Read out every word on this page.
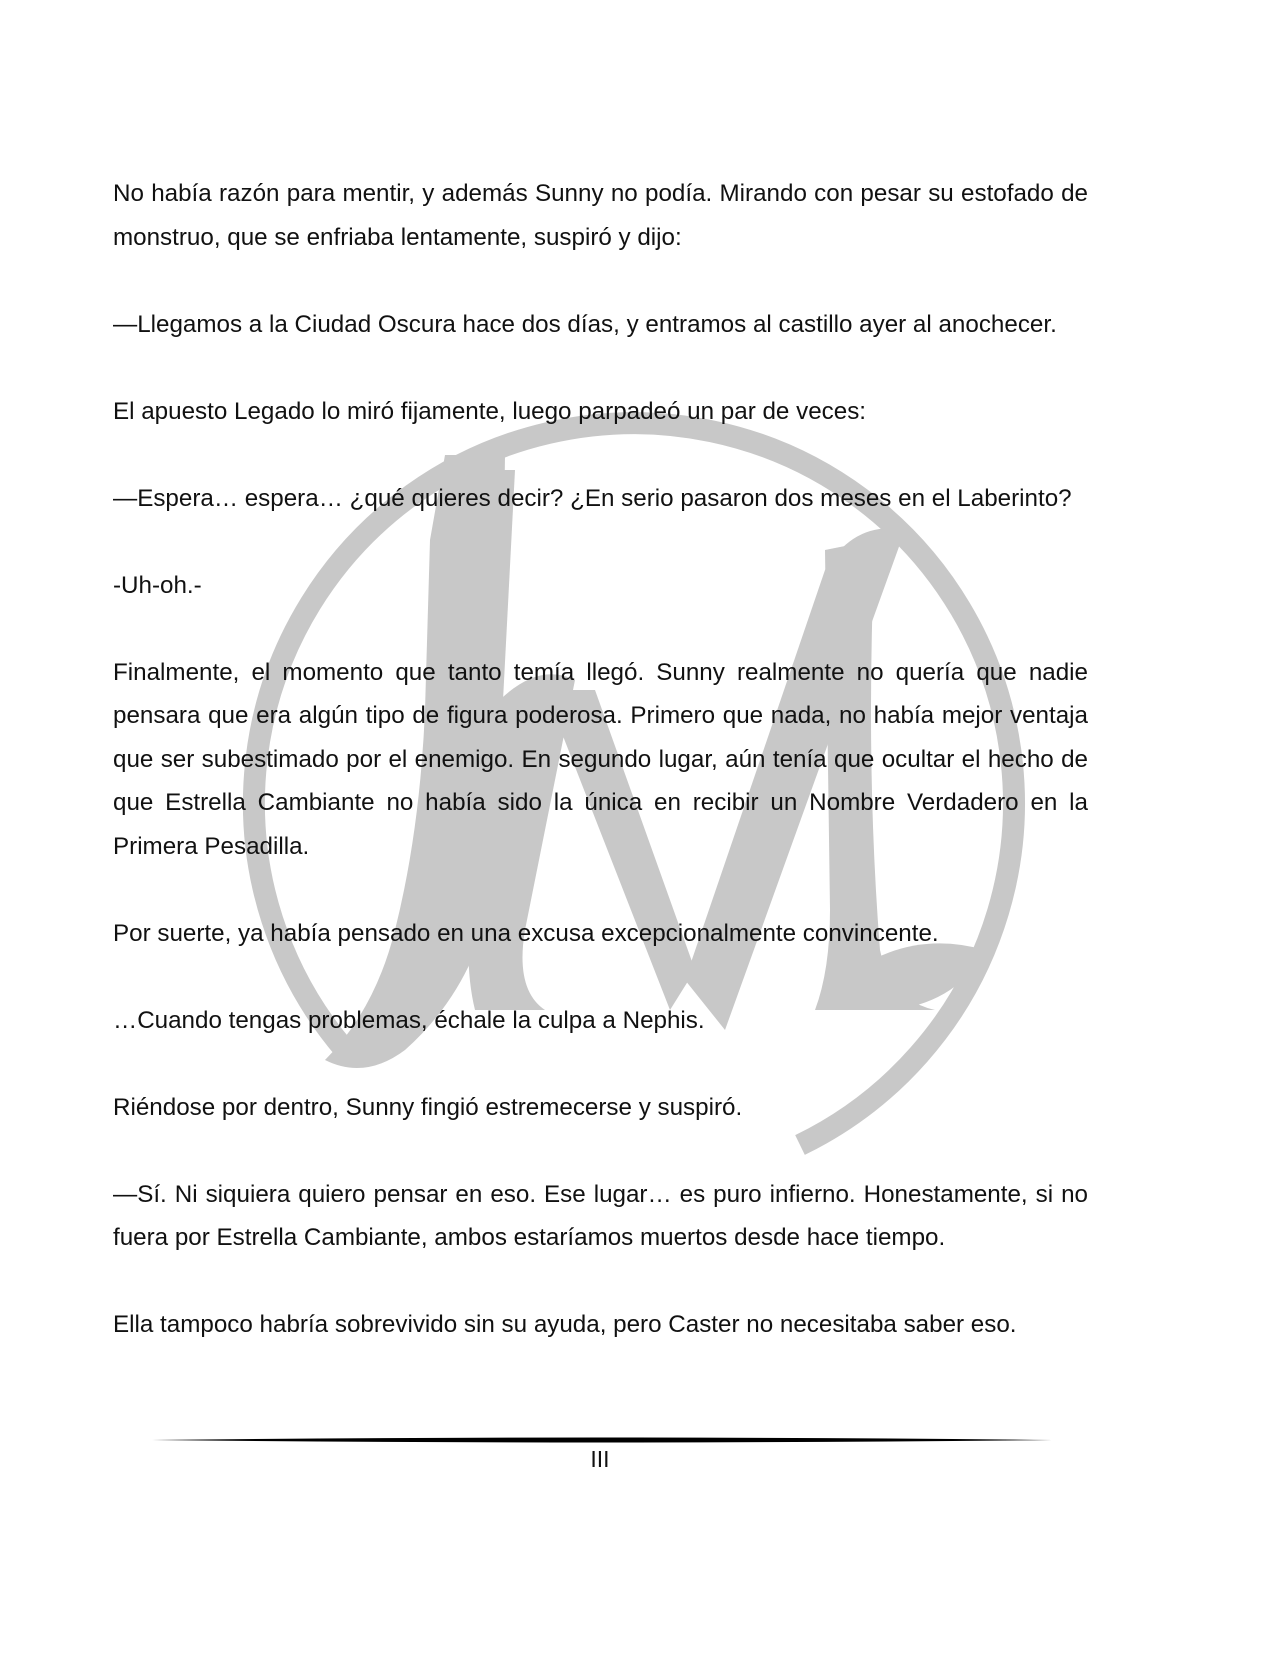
No había razón para mentir, y además Sunny no podía. Mirando con pesar su estofado de monstruo, que se enfriaba lentamente, suspiró y dijo:

—Llegamos a la Ciudad Oscura hace dos días, y entramos al castillo ayer al anochecer.

El apuesto Legado lo miró fijamente, luego parpadeó un par de veces:

—Espera… espera… ¿qué quieres decir? ¿En serio pasaron dos meses en el Laberinto?

-Uh-oh.-

Finalmente, el momento que tanto temía llegó. Sunny realmente no quería que nadie pensara que era algún tipo de figura poderosa. Primero que nada, no había mejor ventaja que ser subestimado por el enemigo. En segundo lugar, aún tenía que ocultar el hecho de que Estrella Cambiante no había sido la única en recibir un Nombre Verdadero en la Primera Pesadilla.

Por suerte, ya había pensado en una excusa excepcionalmente convincente.

…Cuando tengas problemas, échale la culpa a Nephis.

Riéndose por dentro, Sunny fingió estremecerse y suspiró.

—Sí. Ni siquiera quiero pensar en eso. Ese lugar… es puro infierno. Honestamente, si no fuera por Estrella Cambiante, ambos estaríamos muertos desde hace tiempo.

Ella tampoco habría sobrevivido sin su ayuda, pero Caster no necesitaba saber eso.

III
